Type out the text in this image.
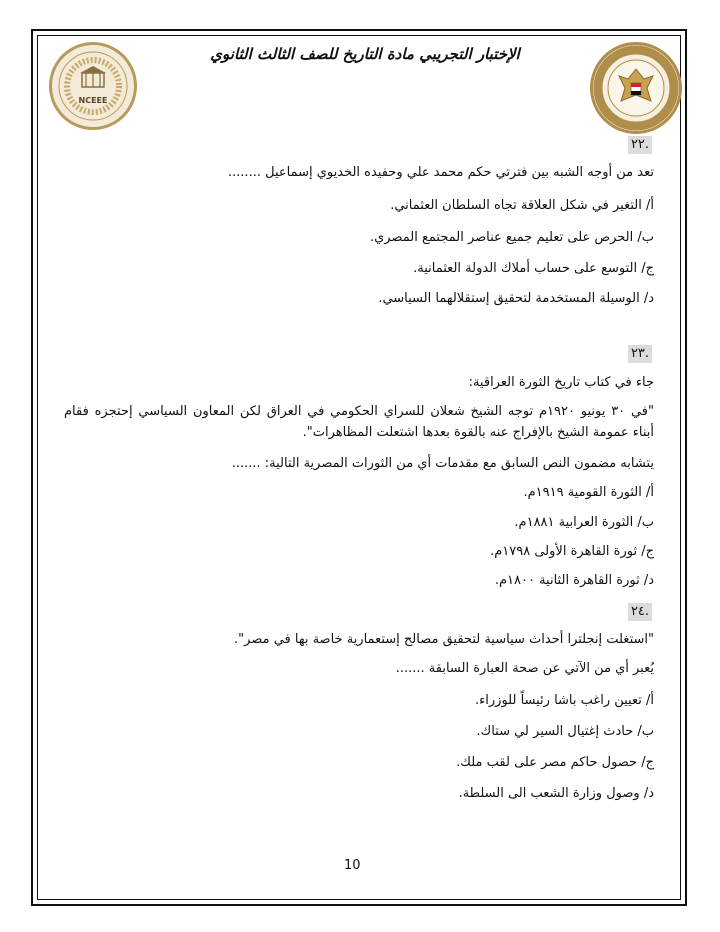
NCEEE
الإختبار التجريبي مادة التاريخ للصف الثالث الثانوي
.٢٢
تعد من أوجه الشبه بين فترتي حكم محمد علي وحفيده الخديوي إسماعيل ........
أ/ التغير في شكل العلاقة تجاه السلطان العثماني.
ب/ الحرص على تعليم جميع عناصر المجتمع المصري.
ج/ التوسع على حساب أملاك الدولة العثمانية.
د/ الوسيلة المستخدمة لتحقيق إستقلالهما السياسي.
.٢٣
جاء في كتاب تاريخ الثورة العراقية:
"في ٣٠ يونيو ١٩٢٠م توجه الشيخ شعلان للسراي الحكومي في العراق لكن المعاون السياسي إحتجزه فقام أبناء عمومة الشيخ بالإفراج عنه بالقوة بعدها اشتعلت المظاهرات".
يتشابه مضمون النص السابق مع مقدمات أي من الثورات المصرية التالية: .......
أ/ الثورة القومية ١٩١٩م.
ب/ الثورة العرابية ١٨٨١م.
ج/ ثورة القاهرة الأولى ١٧٩٨م.
د/ ثورة القاهرة الثانية ١٨٠٠م.
.٢٤
"استغلت إنجلترا أحداث سياسية لتحقيق مصالح إستعمارية خاصة بها في مصر".
يُعبر أي من الآتي عن صحة العبارة السابقة .......
أ/ تعيين راغب باشا رئيساً للوزراء.
ب/ حادث إغتيال السير لي ستاك.
ج/ حصول حاكم مصر على لقب ملك.
د/ وصول وزارة الشعب الى السلطة.
10
